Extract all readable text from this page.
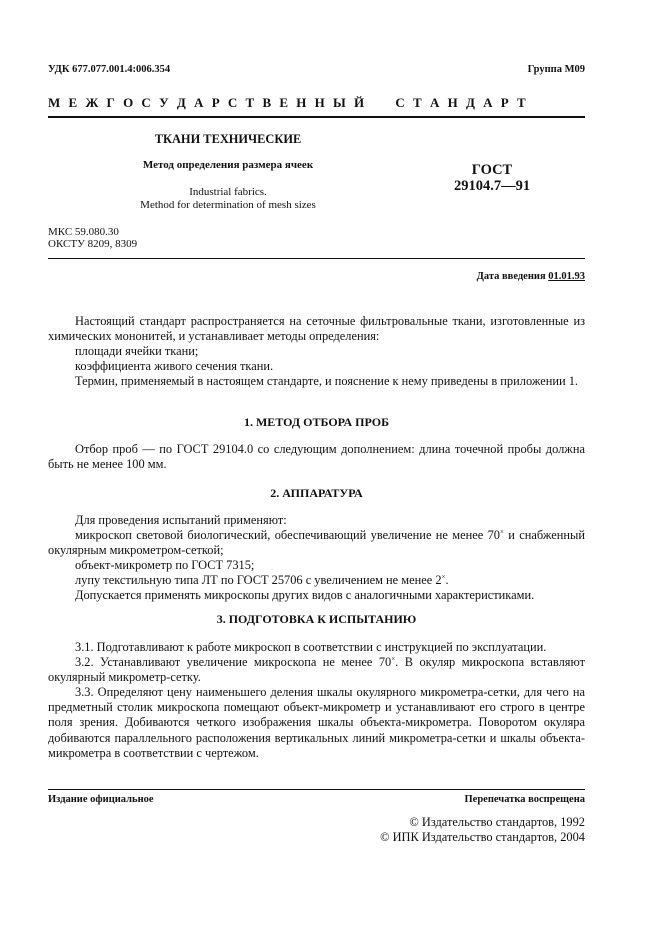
УДК 677.077.001.4:006.354	Группа М09
М Е Ж Г О С У Д А Р С Т В Е Н Н Ы Й     С Т А Н Д А Р Т
ТКАНИ ТЕХНИЧЕСКИЕ
Метод определения размера ячеек
Industrial fabrics.
Method for determination of mesh sizes
ГОСТ
29104.7—91
МКС 59.080.30
ОКСТУ 8209, 8309
Дата введения 01.01.93
Настоящий стандарт распространяется на сеточные фильтровальные ткани, изготовленные из химических мононитей, и устанавливает методы определения:
площади ячейки ткани;
коэффициента живого сечения ткани.
Термин, применяемый в настоящем стандарте, и пояснение к нему приведены в приложении 1.
1. МЕТОД ОТБОРА ПРОБ
Отбор проб — по ГОСТ 29104.0 со следующим дополнением: длина точечной пробы должна быть не менее 100 мм.
2. АППАРАТУРА
Для проведения испытаний применяют:
микроскоп световой биологический, обеспечивающий увеличение не менее 70× и снабженный окулярным микрометром-сеткой;
объект-микрометр по ГОСТ 7315;
лупу текстильную типа ЛТ по ГОСТ 25706 с увеличением не менее 2×.
Допускается применять микроскопы других видов с аналогичными характеристиками.
3. ПОДГОТОВКА К ИСПЫТАНИЮ
3.1. Подготавливают к работе микроскоп в соответствии с инструкцией по эксплуатации.
3.2. Устанавливают увеличение микроскопа не менее 70×. В окуляр микроскопа вставляют окулярный микрометр-сетку.
3.3. Определяют цену наименьшего деления шкалы окулярного микрометра-сетки, для чего на предметный столик микроскопа помещают объект-микрометр и устанавливают его строго в центре поля зрения. Добиваются четкого изображения шкалы объекта-микрометра. Поворотом окуляра добиваются параллельного расположения вертикальных линий микрометра-сетки и шкалы объекта-микрометра в соответствии с чертежом.
Издание официальное	Перепечатка воспрещена
© Издательство стандартов, 1992
© ИПК Издательство стандартов, 2004
